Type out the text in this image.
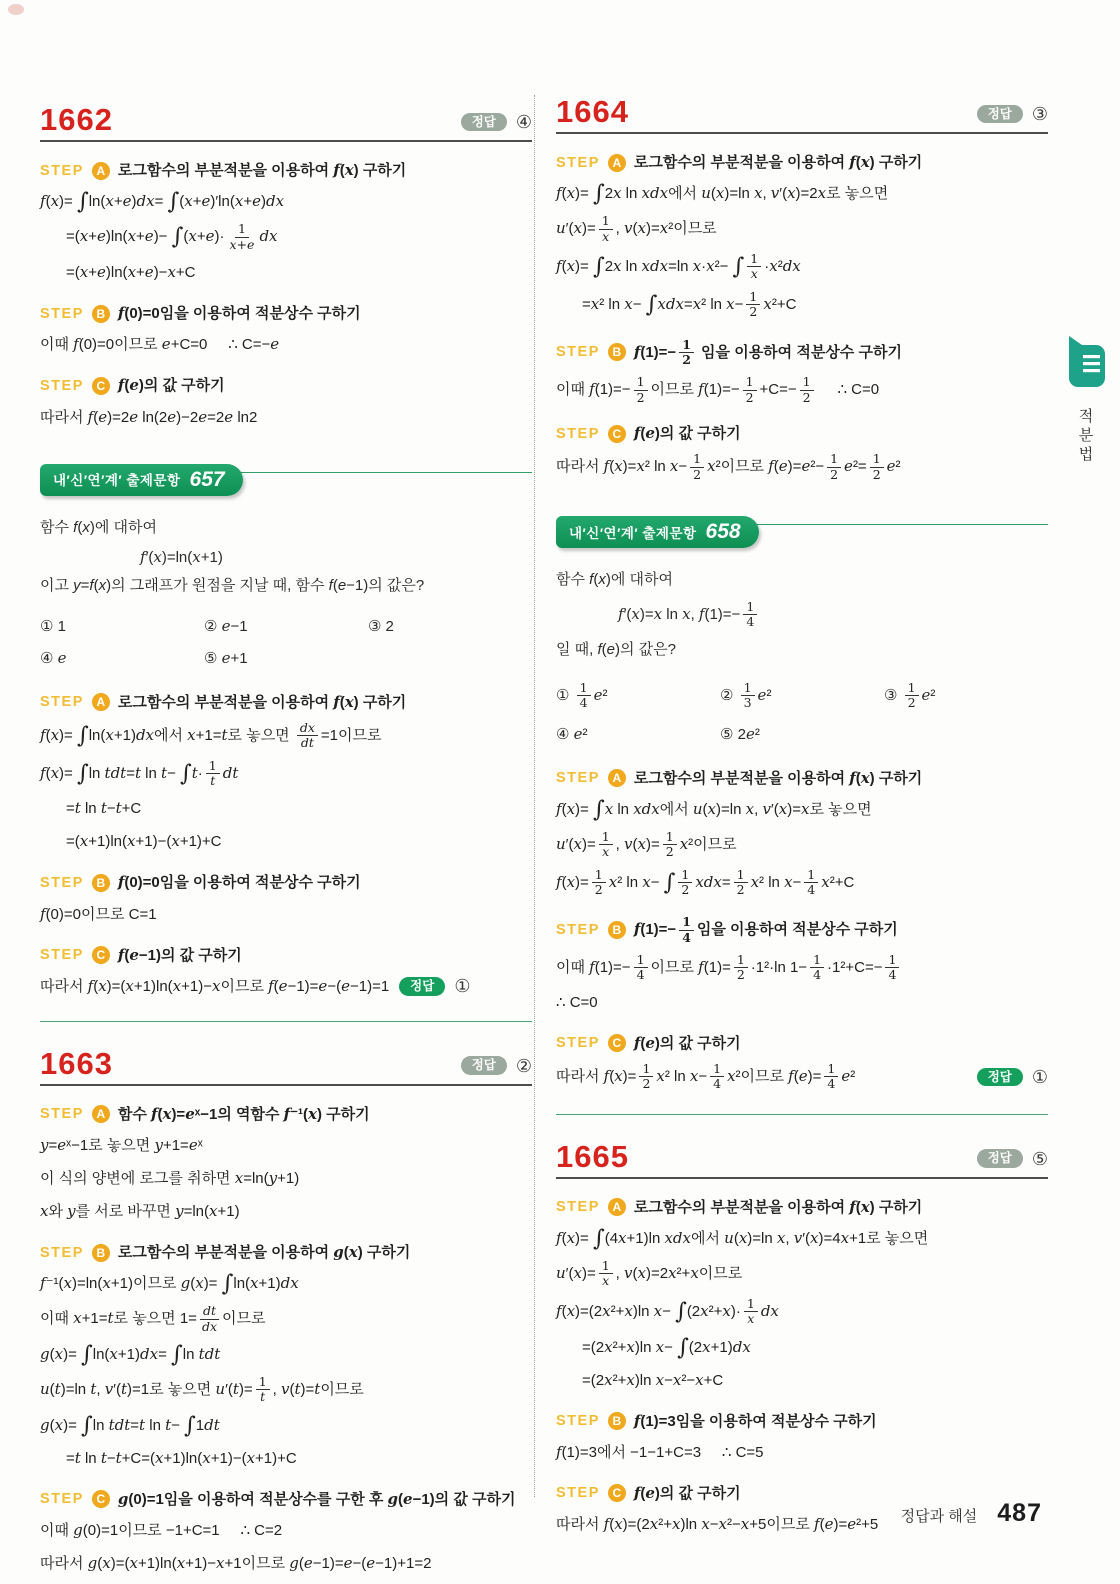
1662	정답	④
STEP	A 로그함수의 부분적분을 이용하여 f(x) 구하기
f(x)= ∫ln(x+e)dx= ∫(x+e)′ln(x+e)dx
$=(x+e)\ln(x+e)- \int(x+e)\cdot \frac{1}{x+e}$ dx
=(x+e)ln(x+e)−x+C
STEP	B f(0)=0임을 이용하여 적분상수 구하기
이때 f(0)=0이므로 e+C=0     ∴ C=−e
STEP	C f(e)의 값 구하기
따라서 f(e)=2e ln(2e)−2e=2e ln2
내′신′연′계′ 출제문항 657

함수 f(x)에 대하여

f′(x)=ln(x+1)

이고 y=f(x)의 그래프가 원점을 지날 때, 함수 f(e−1)의 값은?

① 1	② e−1	③ 2
④ e	⑤ e+1
STEP	A 로그함수의 부분적분을 이용하여 f(x) 구하기
f(x)= ∫ln(x+1)dx에서 x+1=t로 놓으면 $\frac{dx}{dt} =1$이므로
f(x)= ∫ln tdt=t $\ln t- \int t\cdot \frac{1}{t}$ dt
=t ln t−t+C
=(x+1)ln(x+1)−(x+1)+C
STEP	B f(0)=0임을 이용하여 적분상수 구하기
f(0)=0이므로 C=1
STEP	C f(e−1)의 값 구하기
따라서 f(x)=(x+1)ln(x+1)−x이므로 f(e−1)=e−(e−1)=1	정답	①
1663	정답	②
STEP	A 함수 f(x)=eˣ−1의 역함수 f⁻¹(x) 구하기
y=eˣ−1로 놓으면 y+1=eˣ
이 식의 양변에 로그를 취하면 x=ln(y+1)
x와 y를 서로 바꾸면 y=ln(x+1)
STEP	B 로그함수의 부분적분을 이용하여 g(x) 구하기
f⁻¹(x)=ln(x+1)이므로 g(x)= ∫ln(x+1)dx
이때 x+1=t로 놓으면 $1= \frac{dt}{dx}$ 이므로
g(x)= ∫ln(x+1)dx= ∫ln tdt
u(t)=ln t, v′(t)=1로 놓으면 $u'(t)= \frac{1}{t}$ , v(t)=t이므로
g(x)= ∫ln tdt=t ln t− ∫1dt
=t ln t−t+C=(x+1)ln(x+1)−(x+1)+C
STEP	C g(0)=1임을 이용하여 적분상수를 구한 후 g(e−1)의 값 구하기
이때 g(0)=1이므로 −1+C=1     ∴ C=2
따라서 g(x)=(x+1)ln(x+1)−x+1이므로 g(e−1)=e−(e−1)+1=2
1664	정답	③
STEP	A 로그함수의 부분적분을 이용하여 f(x) 구하기
f(x)= ∫2x ln xdx에서 u(x)=ln x, v′(x)=2x로 놓으면
$u'(x)= \frac{1}{x}$ , v(x)=x²이므로
f(x)= ∫2x ln xdx=ln x·x²− ∫ $\frac{1}{x} \cdot x^2dx$
=x² ln x− ∫xdx=x² $\ln x- \frac{1}{2} x^2+C$
STEP	B $f(1)=- \frac{1}{2}$ 임을 이용하여 적분상수 구하기
이때 $f(1)=- \frac{1}{2}$ 이므로 $f(1)=- \frac{1}{2} +C=- \frac{1}{2}$ ∴ C=0
STEP	C f(e)의 값 구하기
따라서 f(x)=x² $\ln x- \frac{1}{2} x^2$이므로 $f(e)=e^2- \frac{1}{2} e^2= \frac{1}{2} e^2$
내′신′연′계′ 출제문항 658

함수 f(x)에 대하여

f′(x)=x ln x, $f(1)=- \frac{1}{4}$

일 때, f(e)의 값은?

① $\frac{1}{4} e^2$	② $\frac{1}{3} e^2$	③ $\frac{1}{2} e^2$
④ e²	⑤ 2e²
STEP	A 로그함수의 부분적분을 이용하여 f(x) 구하기
f(x)= ∫x ln xdx에서 u(x)=ln x, v′(x)=x로 놓으면
$u'(x)= \frac{1}{x}$ , $v(x)= \frac{1}{2} x^2$이므로
$f(x)= \frac{1}{2} x^2$ ln x− ∫ $\frac{1}{2} xdx= \frac{1}{2} x^2$ $\ln x- \frac{1}{4} x^2+C$
STEP	B $f(1)=- \frac{1}{4}$ 임을 이용하여 적분상수 구하기
이때 $f(1)=- \frac{1}{4}$ 이므로 $f(1)= \frac{1}{2} \cdot 1^2\cdot\ln$ $1- \frac{1}{4} \cdot 1^2+C=- \frac{1}{4}$
∴ C=0
STEP	C f(e)의 값 구하기
따라서 $f(x)= \frac{1}{2} x^2$ $\ln x- \frac{1}{4} x^2$이므로 $f(e)= \frac{1}{4} e^2$	정답	①
1665	정답	⑤
STEP	A 로그함수의 부분적분을 이용하여 f(x) 구하기
f(x)= ∫(4x+1)ln xdx에서 u(x)=ln x, v′(x)=4x+1로 놓으면
$u'(x)= \frac{1}{x}$ , v(x)=2x²+x이므로
f(x)=(2x²+x)ln $x- \int(2x^2+x)\cdot \frac{1}{x}$ dx
=(2x²+x)ln x− ∫(2x+1)dx
=(2x²+x)ln x−x²−x+C
STEP	B f(1)=3임을 이용하여 적분상수 구하기
f(1)=3에서 −1−1+C=3     ∴ C=5
STEP	C f(e)의 값 구하기
따라서 f(x)=(2x²+x)ln x−x²−x+5이므로 f(e)=e²+5
적분법
정답과 해설 487
